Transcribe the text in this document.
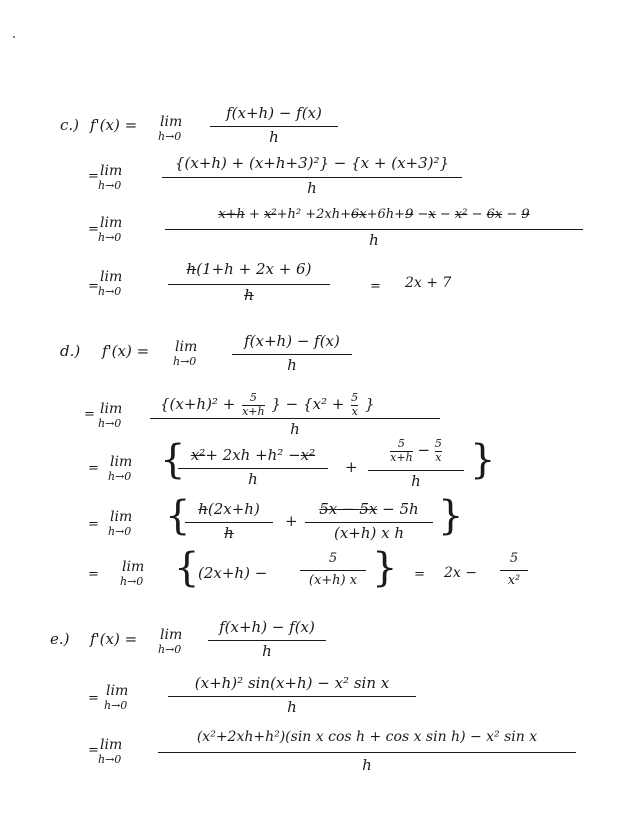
c.) f'(x) = lim
h→0
f(x+h) − f(x)
h
= lim
h→0
{(x+h) + (x+h+3)²} − {x + (x+3)²}
h
= lim
h→0
x+h + x²+h² +2xh+6x+6h+9 −x − x² − 6x − 9
h
=
lim
h→0
h(1+h + 2x + 6)
h	= 2x + 7
d.) f'(x) = lim
h→0
f(x+h) − f(x)
h
= lim
h→0
{$(x+h)^2 + \frac{5}{x+h}$ } − {$x^2 + \frac{5}{x}$ }
h
= lim
h→0 { x²+ 2xh +h² −x²
h
+
$\frac{5}{x+h} - \frac{5}{x}$
h	}
= lim
h→0 { h(2x+h)
h
+
5x − 5x − 5h
(x+h) x h }
= lim
h→0 {
(2x+h) −
5
(x+h) x } = 2x −
5
x²
e.) f'(x) = lim
h→0
f(x+h) − f(x)
h
= lim
h→0
(x+h)² sin(x+h) − x² sin x
h
= lim
h→0
(x²+2xh+h²)(sin x cos h + cos x sin h) − x² sin x
h
